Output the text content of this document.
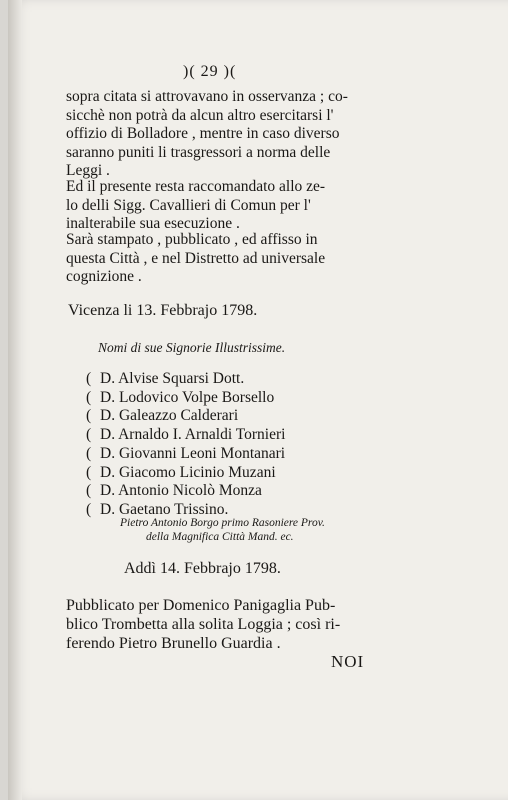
)( 29 )(
sopra citata si attrovavano in osservanza ; co-
sicchè non potrà da alcun altro esercitarsi l'
offizio di Bolladore , mentre in caso diverso
saranno puniti li trasgressori a norma delle
Leggi .
Ed il presente resta raccomandato allo ze-
lo delli Sigg. Cavallieri di Comun per l'
inalterabile sua esecuzione .
Sarà stampato , pubblicato , ed affisso in
questa Città , e nel Distretto ad universale
cognizione .
Vicenza li 13. Febbrajo 1798.
Nomi di sue Signorie Illustrissime.
( D. Alvise Squarsi Dott.
( D. Lodovico Volpe Borsello
( D. Galeazzo Calderari
( D. Arnaldo I. Arnaldi Tornieri
( D. Giovanni Leoni Montanari
( D. Giacomo Licinio Muzani
( D. Antonio Nicolò Monza
( D. Gaetano Trissino.
Pietro Antonio Borgo primo Rasoniere Prov.
della Magnifica Città Mand. ec.
Addì 14. Febbrajo 1798.
Pubblicato per Domenico Panigaglia Pub-
blico Trombetta alla solita Loggia ; così ri-
ferendo Pietro Brunello Guardia .
NOI
